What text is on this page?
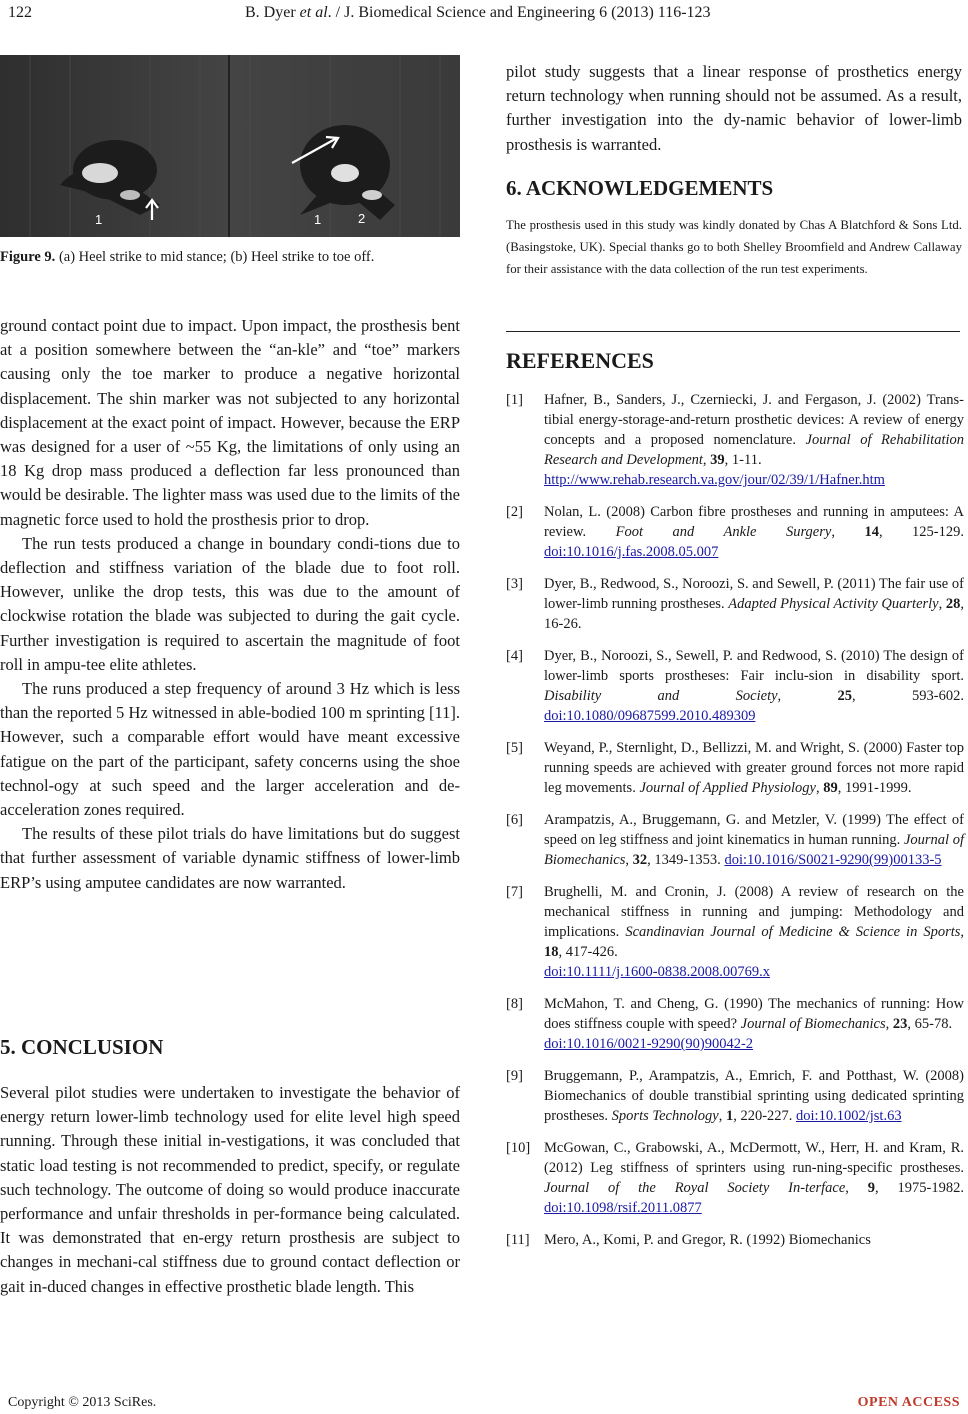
122	B. Dyer et al. / J. Biomedical Science and Engineering 6 (2013) 116-123
1	1	2
Figure 9. (a) Heel strike to mid stance; (b) Heel strike to toe off.

ground contact point due to impact. Upon impact, the prosthesis bent at a position somewhere between the “an-kle” and “toe” markers causing only the toe marker to produce a negative horizontal displacement. The shin marker was not subjected to any horizontal displacement at the exact point of impact. However, because the ERP was designed for a user of ~55 Kg, the limitations of only using an 18 Kg drop mass produced a deflection far less pronounced than would be desirable. The lighter mass was used due to the limits of the magnetic force used to hold the prosthesis prior to drop.

The run tests produced a change in boundary condi-tions due to deflection and stiffness variation of the blade due to foot roll. However, unlike the drop tests, this was due to the amount of clockwise rotation the blade was subjected to during the gait cycle. Further investigation is required to ascertain the magnitude of foot roll in ampu-tee elite athletes.

The runs produced a step frequency of around 3 Hz which is less than the reported 5 Hz witnessed in able-bodied 100 m sprinting [11]. However, such a comparable effort would have meant excessive fatigue on the part of the participant, safety concerns using the shoe technol-ogy at such speed and the larger acceleration and de-acceleration zones required.

The results of these pilot trials do have limitations but do suggest that further assessment of variable dynamic stiffness of lower-limb ERP’s using amputee candidates are now warranted.

5. CONCLUSION

Several pilot studies were undertaken to investigate the behavior of energy return lower-limb technology used for elite level high speed running. Through these initial in-vestigations, it was concluded that static load testing is not recommended to predict, specify, or regulate such technology. The outcome of doing so would produce inaccurate performance and unfair thresholds in per-formance being calculated. It was demonstrated that en-ergy return prosthesis are subject to changes in mechani-cal stiffness due to ground contact deflection or gait in-duced changes in effective prosthetic blade length. This

pilot study suggests that a linear response of prosthetics energy return technology when running should not be assumed. As a result, further investigation into the dy-namic behavior of lower-limb prosthesis is warranted.

6. ACKNOWLEDGEMENTS

The prosthesis used in this study was kindly donated by Chas A Blatchford & Sons Ltd. (Basingstoke, UK). Special thanks go to both Shelley Broomfield and Andrew Callaway for their assistance with the data collection of the run test experiments.

REFERENCES
[1] Hafner, B., Sanders, J., Czerniecki, J. and Fergason, J. (2002) Trans-tibial energy-storage-and-return prosthetic devices: A review of energy concepts and a proposed nomenclature. Journal of Rehabilitation Research and Development, 39, 1-11.
http://www.rehab.research.va.gov/jour/02/39/1/Hafner.htm
[2] Nolan, L. (2008) Carbon fibre prostheses and running in amputees: A review. Foot and Ankle Surgery, 14, 125-129. doi:10.1016/j.fas.2008.05.007
[3] Dyer, B., Redwood, S., Noroozi, S. and Sewell, P. (2011) The fair use of lower-limb running prostheses. Adapted Physical Activity Quarterly, 28, 16-26.
[4] Dyer, B., Noroozi, S., Sewell, P. and Redwood, S. (2010) The design of lower-limb sports prostheses: Fair inclu-sion in disability sport. Disability and Society, 25, 593-602. doi:10.1080/09687599.2010.489309
[5] Weyand, P., Sternlight, D., Bellizzi, M. and Wright, S. (2000) Faster top running speeds are achieved with greater ground forces not more rapid leg movements. Journal of Applied Physiology, 89, 1991-1999.
[6] Arampatzis, A., Bruggemann, G. and Metzler, V. (1999) The effect of speed on leg stiffness and joint kinematics in human running. Journal of Biomechanics, 32, 1349-1353. doi:10.1016/S0021-9290(99)00133-5
[7] Brughelli, M. and Cronin, J. (2008) A review of research on the mechanical stiffness in running and jumping: Methodology and implications. Scandinavian Journal of Medicine & Science in Sports, 18, 417-426.
doi:10.1111/j.1600-0838.2008.00769.x
[8] McMahon, T. and Cheng, G. (1990) The mechanics of running: How does stiffness couple with speed? Journal of Biomechanics, 23, 65-78.
doi:10.1016/0021-9290(90)90042-2
[9] Bruggemann, P., Arampatzis, A., Emrich, F. and Potthast, W. (2008) Biomechanics of double transtibial sprinting using dedicated sprinting prostheses. Sports Technology, 1, 220-227. doi:10.1002/jst.63
[10] McGowan, C., Grabowski, A., McDermott, W., Herr, H. and Kram, R. (2012) Leg stiffness of sprinters using run-ning-specific prostheses. Journal of the Royal Society In-terface, 9, 1975-1982. doi:10.1098/rsif.2011.0877
[11] Mero, A., Komi, P. and Gregor, R. (1992) Biomechanics
Copyright © 2013 SciRes.	OPEN ACCESS
